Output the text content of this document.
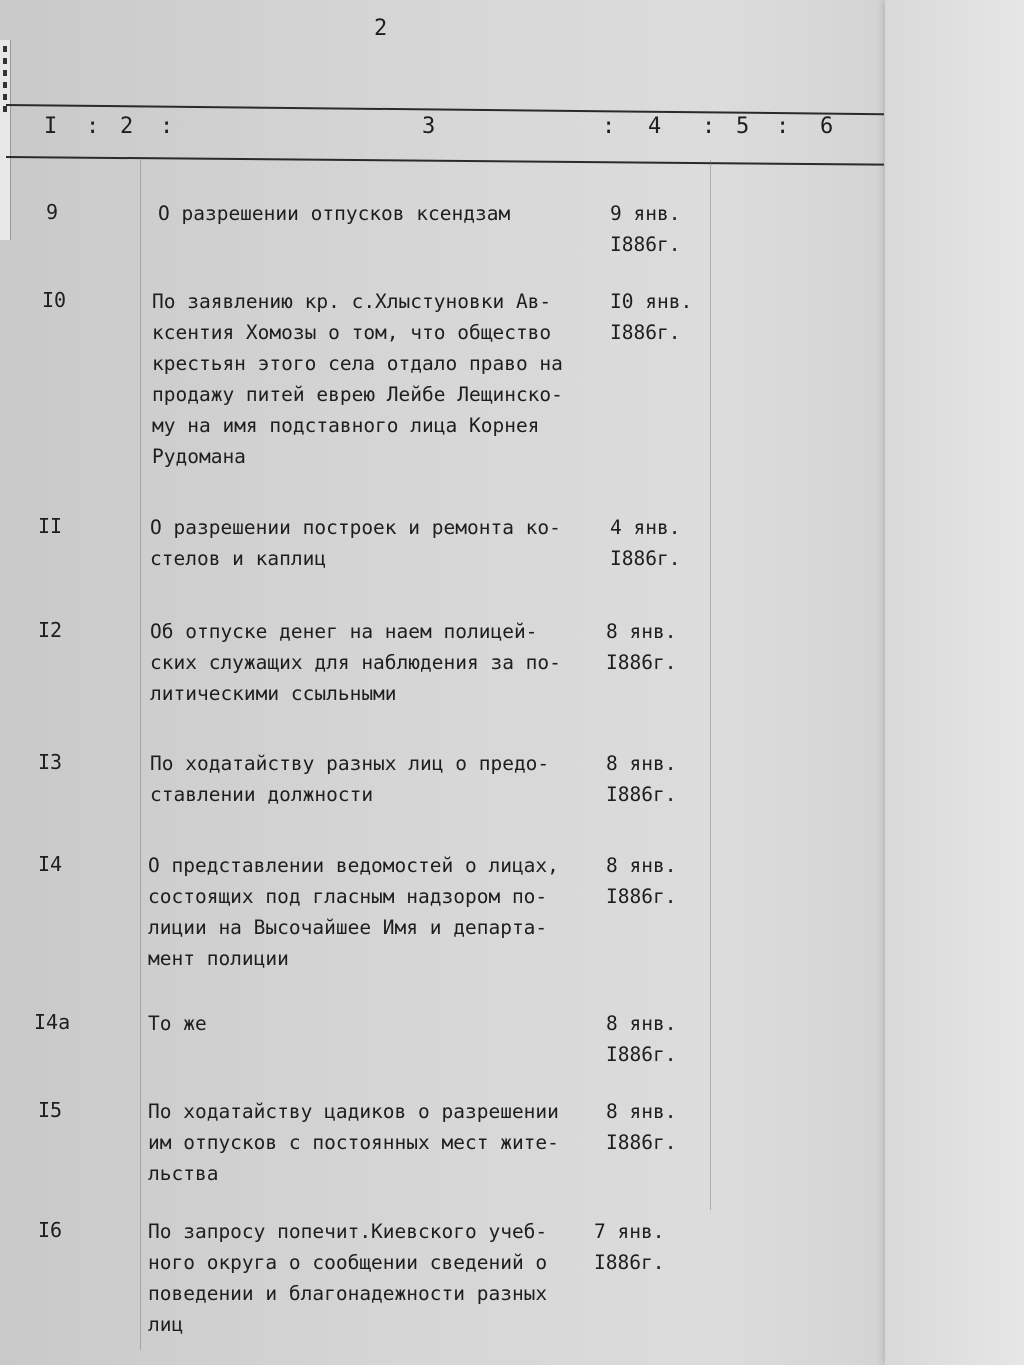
2
I : 2 :	3	: 4 : 5 : 6
9	О разрешении отпусков ксендзам	9 янв.
I886г.
I0	По заявлению кр. с.Хлыстуновки Ав-
ксентия Хомозы о том, что общество
крестьян этого села отдало право на
продажу питей еврею Лейбе Лещинско-
му на имя подставного лица Корнея
Рудомана
I0 янв.
I886г.
II	О разрешении построек и ремонта ко-
стелов и каплиц
4 янв.
I886г.
I2	Об отпуске денег на наем полицей-
ских служащих для наблюдения за по-
литическими ссыльными
8 янв.
I886г.
I3	По ходатайству разных лиц о предо-
ставлении должности
8 янв.
I886г.
I4	О представлении ведомостей о лицах,
состоящих под гласным надзором по-
лиции на Высочайшее Имя и департа-
мент полиции
8 янв.
I886г.
I4а	То же	8 янв.
I886г.
I5	По ходатайству цадиков о разрешении
им отпусков с постоянных мест жите-
льства
8 янв.
I886г.
I6	По запросу попечит.Киевского учеб-
ного округа о сообщении сведений о
поведении и благонадежности разных
лиц
7 янв.
I886г.
